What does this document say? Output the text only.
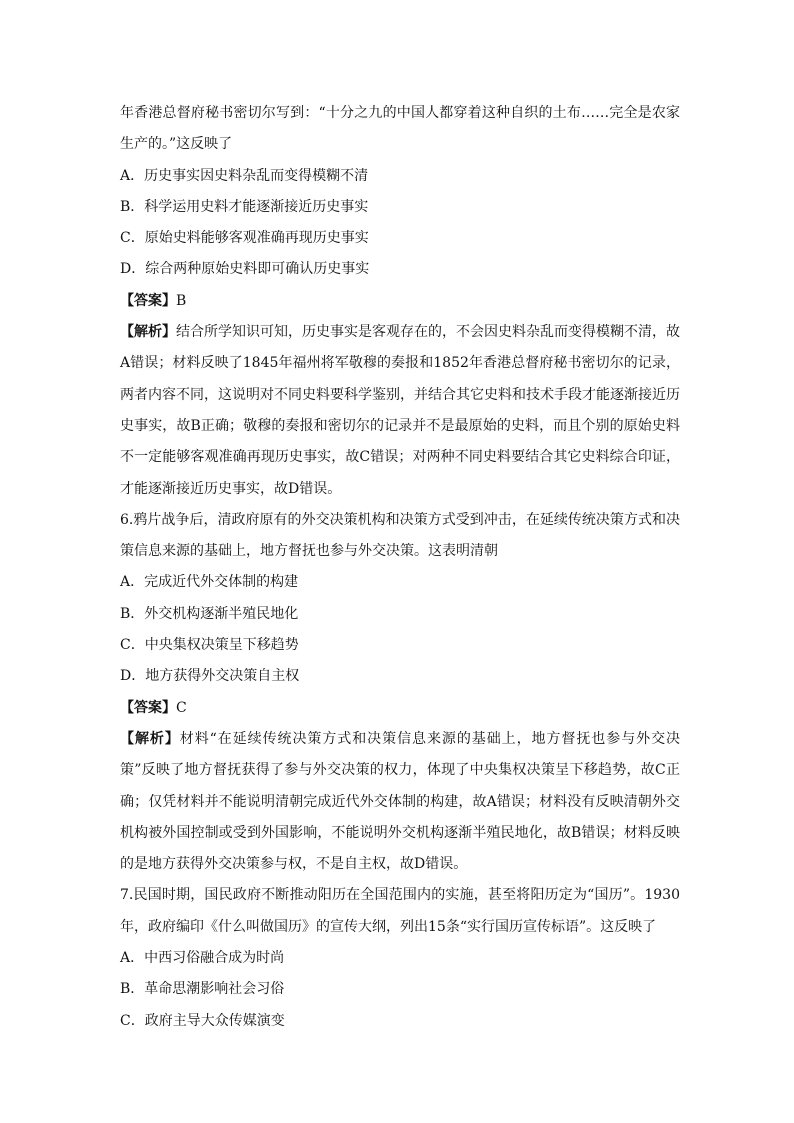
年香港总督府秘书密切尔写到：“十分之九的中国人都穿着这种自织的土布……完全是农家生产的。”这反映了

A．历史事实因史料杂乱而变得模糊不清

B．科学运用史料才能逐渐接近历史事实

C．原始史料能够客观准确再现历史事实

D．综合两种原始史料即可确认历史事实

【答案】B

【解析】结合所学知识可知，历史事实是客观存在的，不会因史料杂乱而变得模糊不清，故A错误；材料反映了1845年福州将军敬穆的奏报和1852年香港总督府秘书密切尔的记录，两者内容不同，这说明对不同史料要科学鉴别，并结合其它史料和技术手段才能逐渐接近历史事实，故B正确；敬穆的奏报和密切尔的记录并不是最原始的史料，而且个别的原始史料不一定能够客观准确再现历史事实，故C错误；对两种不同史料要结合其它史料综合印证，才能逐渐接近历史事实，故D错误。

6.鸦片战争后，清政府原有的外交决策机构和决策方式受到冲击，在延续传统决策方式和决策信息来源的基础上，地方督抚也参与外交决策。这表明清朝

A．完成近代外交体制的构建

B．外交机构逐渐半殖民地化

C．中央集权决策呈下移趋势

D．地方获得外交决策自主权

【答案】C

【解析】材料“在延续传统决策方式和决策信息来源的基础上，地方督抚也参与外交决策”反映了地方督抚获得了参与外交决策的权力，体现了中央集权决策呈下移趋势，故C正确；仅凭材料并不能说明清朝完成近代外交体制的构建，故A错误；材料没有反映清朝外交机构被外国控制或受到外国影响，不能说明外交机构逐渐半殖民地化，故B错误；材料反映的是地方获得外交决策参与权，不是自主权，故D错误。

7.民国时期，国民政府不断推动阳历在全国范围内的实施，甚至将阳历定为“国历”。1930年，政府编印《什么叫做国历》的宣传大纲，列出15条“实行国历宣传标语”。这反映了

A．中西习俗融合成为时尚

B．革命思潮影响社会习俗

C．政府主导大众传媒演变
